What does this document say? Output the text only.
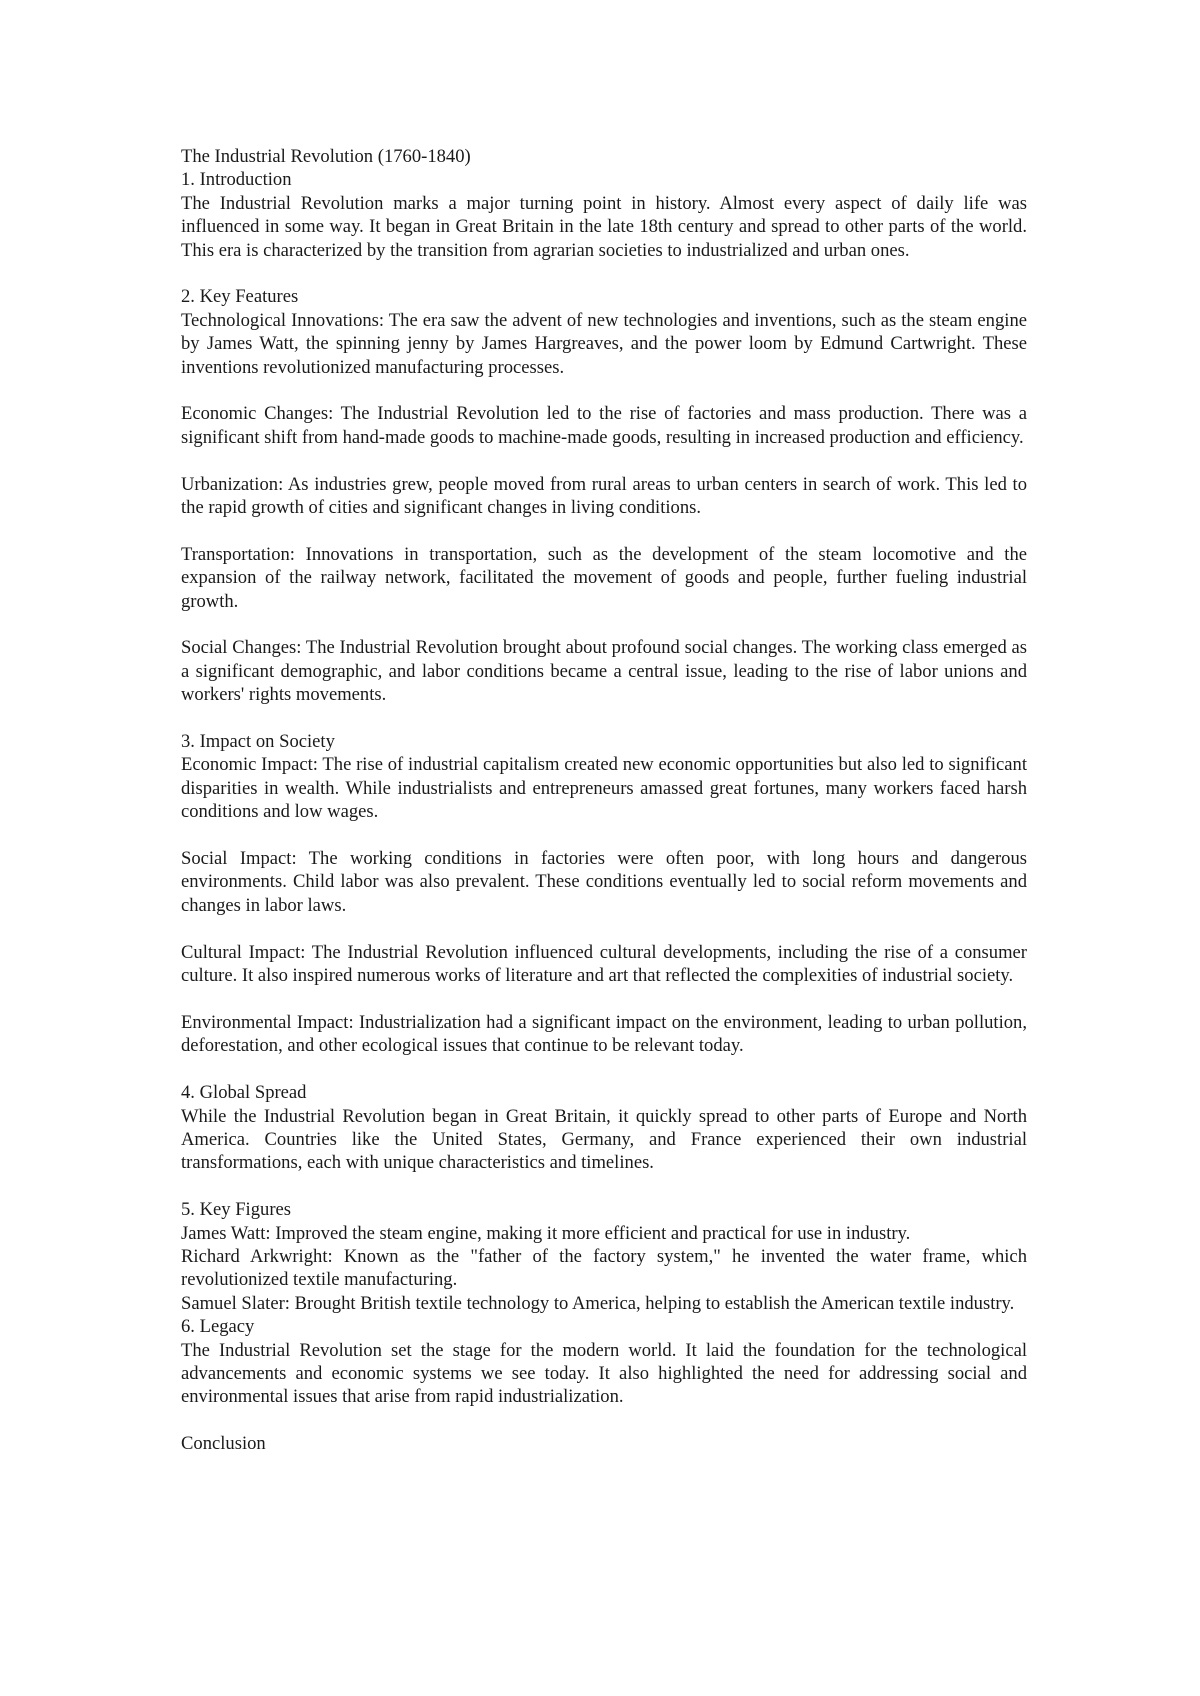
The Industrial Revolution (1760-1840)
1. Introduction

The Industrial Revolution marks a major turning point in history. Almost every aspect of daily life was influenced in some way. It began in Great Britain in the late 18th century and spread to other parts of the world. This era is characterized by the transition from agrarian societies to industrialized and urban ones.

2. Key Features

Technological Innovations: The era saw the advent of new technologies and inventions, such as the steam engine by James Watt, the spinning jenny by James Hargreaves, and the power loom by Edmund Cartwright. These inventions revolutionized manufacturing processes.

Economic Changes: The Industrial Revolution led to the rise of factories and mass production. There was a significant shift from hand-made goods to machine-made goods, resulting in increased production and efficiency.

Urbanization: As industries grew, people moved from rural areas to urban centers in search of work. This led to the rapid growth of cities and significant changes in living conditions.

Transportation: Innovations in transportation, such as the development of the steam locomotive and the expansion of the railway network, facilitated the movement of goods and people, further fueling industrial growth.

Social Changes: The Industrial Revolution brought about profound social changes. The working class emerged as a significant demographic, and labor conditions became a central issue, leading to the rise of labor unions and workers' rights movements.

3. Impact on Society

Economic Impact: The rise of industrial capitalism created new economic opportunities but also led to significant disparities in wealth. While industrialists and entrepreneurs amassed great fortunes, many workers faced harsh conditions and low wages.

Social Impact: The working conditions in factories were often poor, with long hours and dangerous environments. Child labor was also prevalent. These conditions eventually led to social reform movements and changes in labor laws.

Cultural Impact: The Industrial Revolution influenced cultural developments, including the rise of a consumer culture. It also inspired numerous works of literature and art that reflected the complexities of industrial society.

Environmental Impact: Industrialization had a significant impact on the environment, leading to urban pollution, deforestation, and other ecological issues that continue to be relevant today.

4. Global Spread

While the Industrial Revolution began in Great Britain, it quickly spread to other parts of Europe and North America. Countries like the United States, Germany, and France experienced their own industrial transformations, each with unique characteristics and timelines.

5. Key Figures

James Watt: Improved the steam engine, making it more efficient and practical for use in industry.

Richard Arkwright: Known as the "father of the factory system," he invented the water frame, which revolutionized textile manufacturing.

Samuel Slater: Brought British textile technology to America, helping to establish the American textile industry.

6. Legacy

The Industrial Revolution set the stage for the modern world. It laid the foundation for the technological advancements and economic systems we see today. It also highlighted the need for addressing social and environmental issues that arise from rapid industrialization.

Conclusion
